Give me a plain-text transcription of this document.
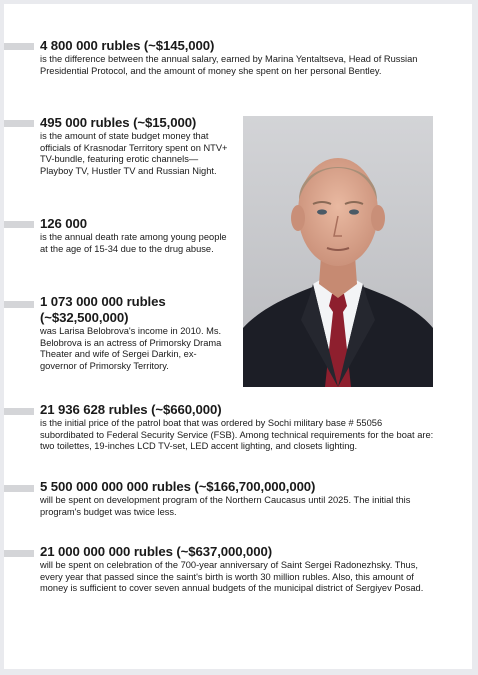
4 800 000 rubles (~$145,000)

is the difference between the annual salary, earned by Marina Yentaltseva, Head of Russian Presidential Protocol, and the amount of money she spent on her personal Bentley.

495 000 rubles (~$15,000)

is the amount of state budget money that officials of Krasnodar Territory spent on NTV+ TV-bundle, featuring erotic channels—Playboy TV, Hustler TV and Russian Night.

126 000

is the annual death rate among young people at the age of 15-34 due to the drug abuse.

1 073 000 000 rubles (~$32,500,000)

was Larisa Belobrova's income in 2010. Ms. Belobrova is an actress of Primorsky Drama Theater and wife of Sergei Darkin, ex-governor of Primorsky Territory.

21 936 628 rubles (~$660,000)

is the initial price of the patrol boat that was ordered by Sochi military base # 55056 subordibated to Federal Security Service (FSB). Among technical requirements for the boat are: two toilettes, 19-inches LCD TV-set, LED accent lighting, and closets lighting.

5 500 000 000 000 rubles (~$166,700,000,000)

will be spent on development program of the Northern Caucasus until 2025. The initial this program's budget was twice less.

21 000 000 000 rubles (~$637,000,000)

will be spent on celebration of the 700-year anniversary of Saint Sergei Radonezhsky. Thus, every year that passed since the saint's birth is worth 30 million rubles. Also, this amount of money is sufficient to cover seven annual budgets of the municipal district of Sergiyev Posad.
